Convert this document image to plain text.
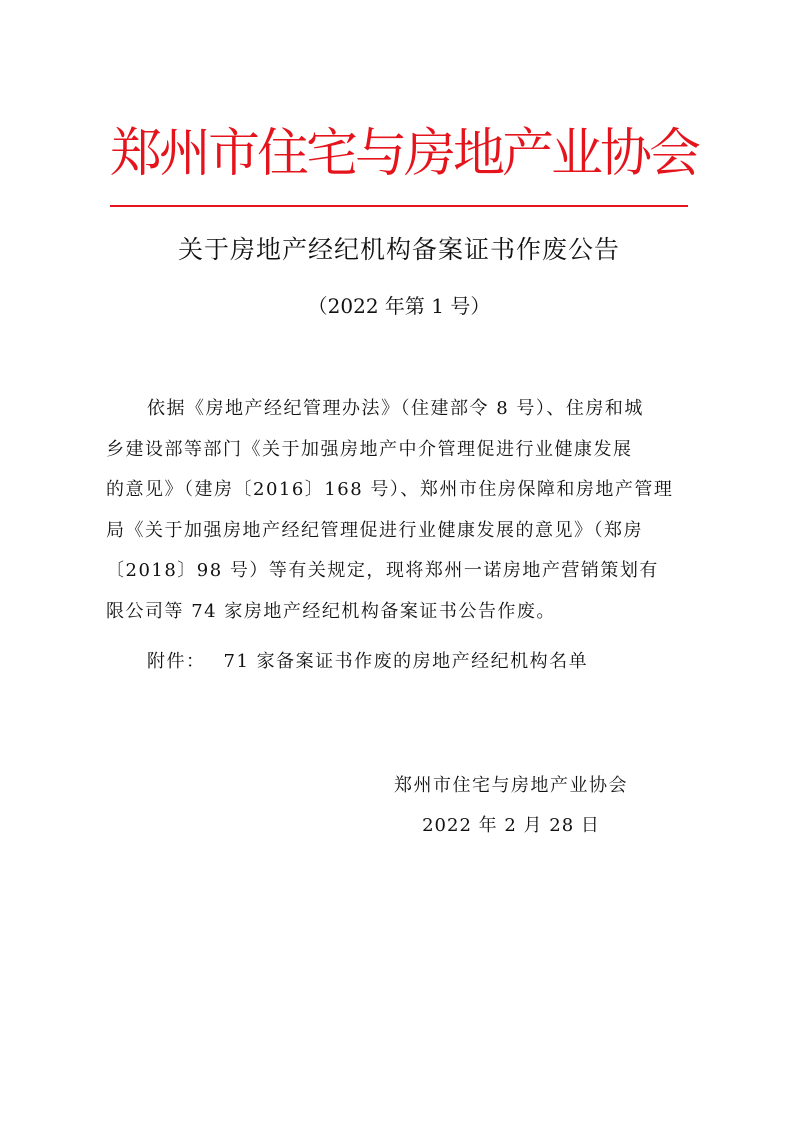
郑州市住宅与房地产业协会
关于房地产经纪机构备案证书作废公告
（2022 年第 1 号）
依据《房地产经纪管理办法》（住建部令 8 号）、住房和城
乡建设部等部门《关于加强房地产中介管理促进行业健康发展
的意见》（建房〔2016〕168 号）、郑州市住房保障和房地产管理
局《关于加强房地产经纪管理促进行业健康发展的意见》（郑房
〔2018〕98 号）等有关规定，现将郑州一诺房地产营销策划有
限公司等 74 家房地产经纪机构备案证书公告作废。
附件： 71 家备案证书作废的房地产经纪机构名单
郑州市住宅与房地产业协会
2022 年 2 月 28 日
